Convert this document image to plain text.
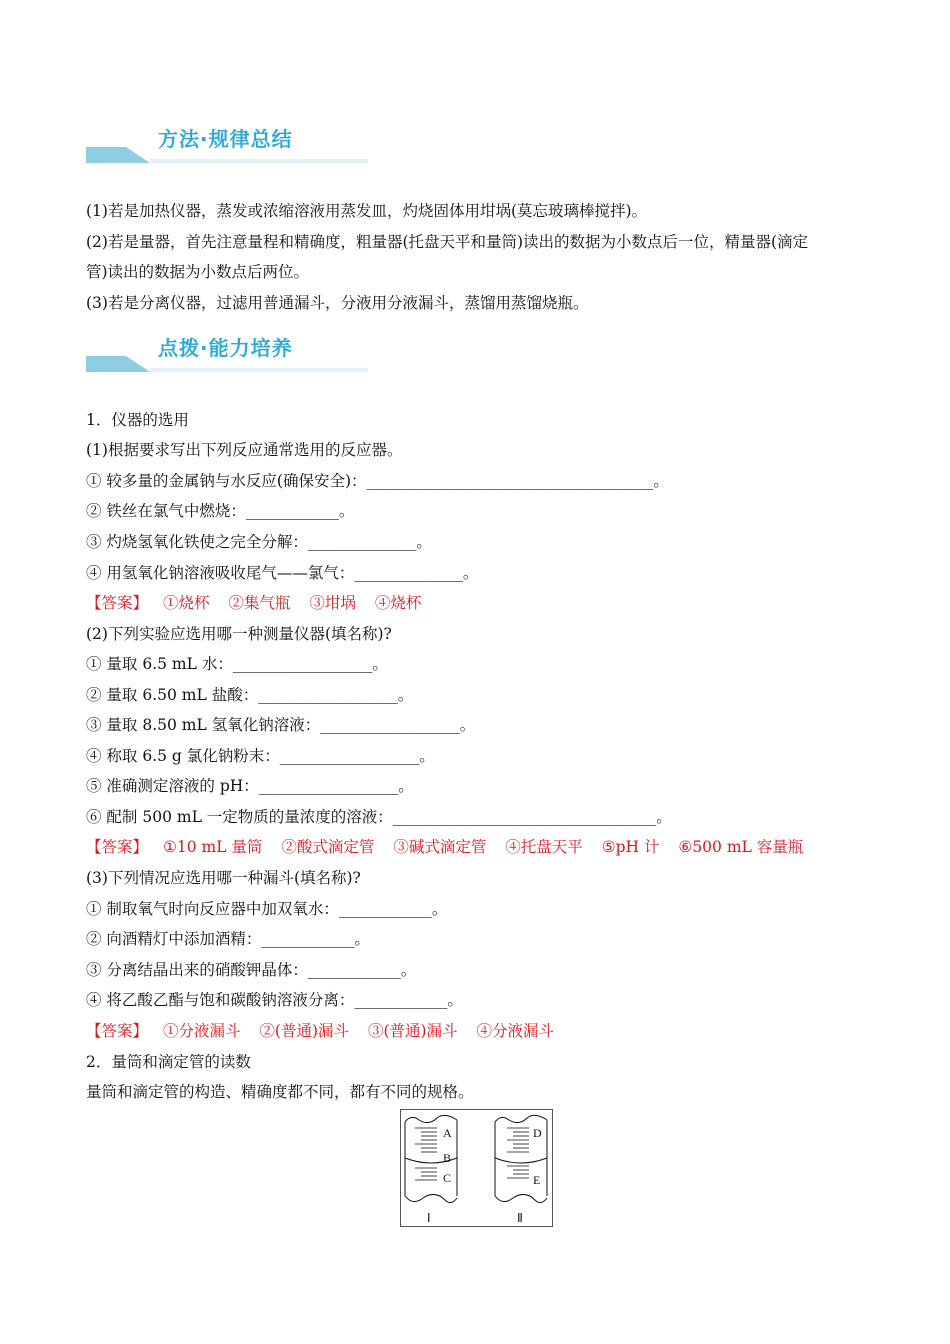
方法·规律总结
(1)若是加热仪器，蒸发或浓缩溶液用蒸发皿，灼烧固体用坩埚(莫忘玻璃棒搅拌)。
(2)若是量器，首先注意量程和精确度，粗量器(托盘天平和量筒)读出的数据为小数点后一位，精量器(滴定
管)读出的数据为小数点后两位。
(3)若是分离仪器，过滤用普通漏斗，分液用分液漏斗，蒸馏用蒸馏烧瓶。
点拨·能力培养
1．仪器的选用
(1)根据要求写出下列反应通常选用的反应器。
① 较多量的金属钠与水反应(确保安全)：_____________________________________。
② 铁丝在氯气中燃烧：____________。
③ 灼烧氢氧化铁使之完全分解：______________。
④ 用氢氧化钠溶液吸收尾气——氯气：______________。
【答案】 ①烧杯 ②集气瓶 ③坩埚 ④烧杯
(2)下列实验应选用哪一种测量仪器(填名称)?
① 量取 6.5 mL 水：__________________。
② 量取 6.50 mL 盐酸：__________________。
③ 量取 8.50 mL 氢氧化钠溶液：__________________。
④ 称取 6.5 g 氯化钠粉末：__________________。
⑤ 准确测定溶液的 pH：__________________。
⑥ 配制 500 mL 一定物质的量浓度的溶液：__________________________________。
【答案】 ①10 mL 量筒 ②酸式滴定管 ③碱式滴定管 ④托盘天平 ⑤pH 计 ⑥500 mL 容量瓶
(3)下列情况应选用哪一种漏斗(填名称)?
① 制取氧气时向反应器中加双氧水：____________。
② 向酒精灯中添加酒精：____________。
③ 分离结晶出来的硝酸钾晶体：____________。
④ 将乙酸乙酯与饱和碳酸钠溶液分离：____________。
【答案】 ①分液漏斗 ②(普通)漏斗 ③(普通)漏斗 ④分液漏斗
2．量筒和滴定管的读数
量筒和滴定管的构造、精确度都不同，都有不同的规格。
A
B
C
D
E
Ⅰ	Ⅱ
